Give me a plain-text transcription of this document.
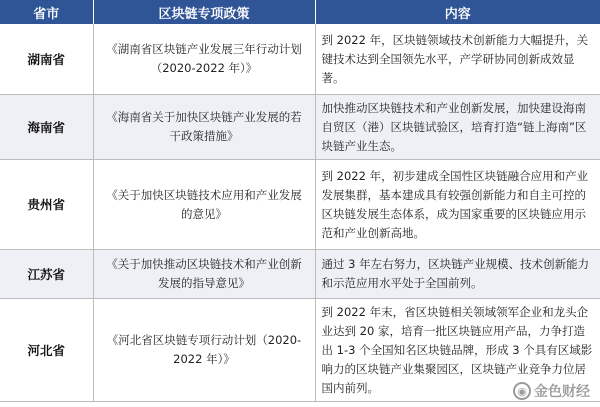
省市	区块链专项政策	内容
湖南省	《湖南省区块链产业发展三年行动计划（2020-2022 年）》	到 2022 年，区块链领域技术创新能力大幅提升，关键技术达到全国领先水平，产学研协同创新成效显著。
海南省	《海南省关于加快区块链产业发展的若干政策措施》	加快推动区块链技术和产业创新发展，加快建设海南自贸区（港）区块链试验区，培育打造“链上海南”区块链产业生态。
贵州省	《关于加快区块链技术应用和产业发展的意见》	到 2022 年，初步建成全国性区块链融合应用和产业发展集群，基本建成具有较强创新能力和自主可控的区块链发展生态体系，成为国家重要的区块链应用示范和产业创新高地。
江苏省	《关于加快推动区块链技术和产业创新发展的指导意见》	通过 3 年左右努力，区块链产业规模、技术创新能力和示范应用水平处于全国前列。
河北省	《河北省区块链专项行动计划（2020-2022 年）》	到 2022 年末，省区块链相关领域领军企业和龙头企业达到 20 家，培育一批区块链应用产品，力争打造出 1-3 个全国知名区块链品牌，形成 3 个具有区域影响力的区块链产业集聚园区，区块链产业竞争力位居国内前列。	◉ 金色财经
